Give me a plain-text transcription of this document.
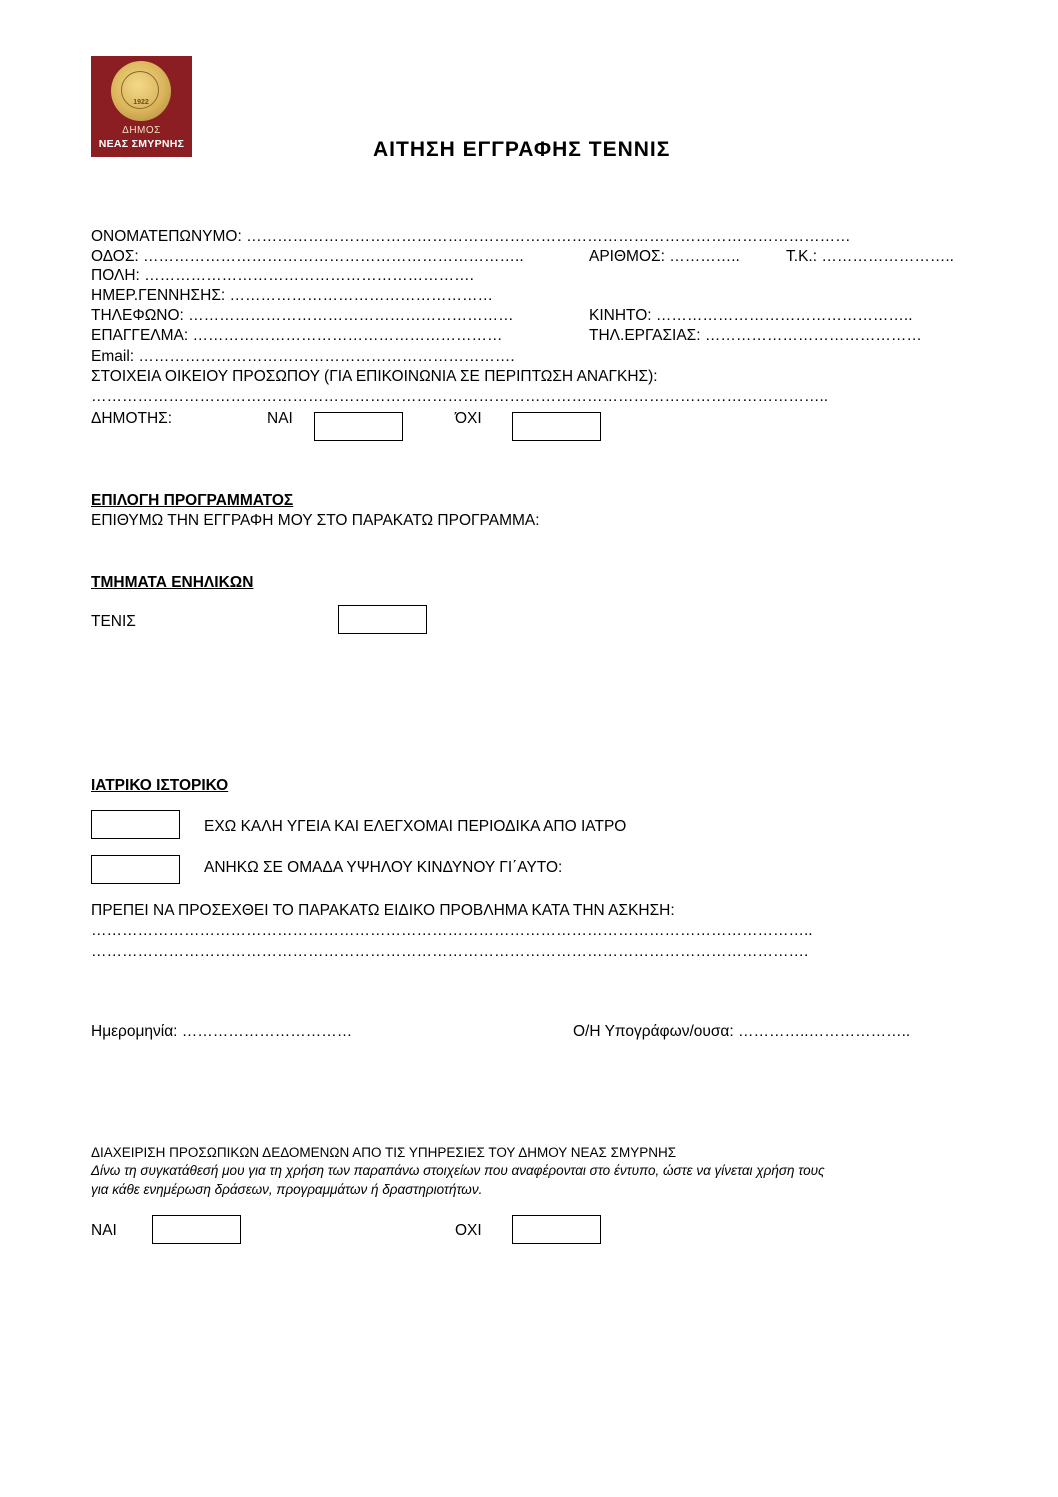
1922
ΔΗΜΟΣ
ΝΕΑΣ ΣΜΥΡΝΗΣ	ΑΙΤΗΣΗ ΕΓΓΡΑΦΗΣ ΤΕΝΝΙΣ
ΟΝΟΜΑΤΕΠΩΝΥΜΟ: ………………………………………………………………………………………………………
ΟΔΟΣ: ………………………………………………………………..	ΑΡΙΘΜΟΣ: …………..	Τ.Κ.: ……………………..
ΠΟΛΗ: ……………………………………………………….
ΗΜΕΡ.ΓΕΝΝΗΣΗΣ: ……………………………………………
ΤΗΛΕΦΩΝΟ: ………………………………………………………	ΚΙΝΗΤΟ: …………………………………………..
ΕΠΑΓΓΕΛΜΑ: ……………………………………………………	ΤΗΛ.ΕΡΓΑΣΙΑΣ: ……………………………………
Email: ……………………………………………………………….
ΣΤΟΙΧΕΙΑ ΟΙΚΕΙΟΥ ΠΡΟΣΩΠΟΥ (ΓΙΑ ΕΠΙΚΟΙΝΩΝΙΑ ΣΕ ΠΕΡΙΠΤΩΣΗ ΑΝΑΓΚΗΣ):
……………………………………………………………………………………………………………………………..
ΔΗΜΟΤΗΣ:	ΝΑΙ	ΌΧΙ
ΕΠΙΛΟΓΗ ΠΡΟΓΡΑΜΜΑΤΟΣ
ΕΠΙΘΥΜΩ ΤΗΝ ΕΓΓΡΑΦΗ ΜΟΥ ΣΤΟ ΠΑΡΑΚΑΤΩ ΠΡΟΓΡΑΜΜΑ:
ΤΜΗΜΑΤΑ ΕΝΗΛΙΚΩΝ
ΤΕΝΙΣ
ΙΑΤΡΙΚΟ ΙΣΤΟΡΙΚΟ
ΕΧΩ ΚΑΛΗ ΥΓΕΙΑ ΚΑΙ ΕΛΕΓΧΟΜΑΙ ΠΕΡΙΟΔΙΚΑ ΑΠΟ ΙΑΤΡΟ
ΑΝΗΚΩ ΣΕ ΟΜΑΔΑ ΥΨΗΛΟΥ ΚΙΝΔΥΝΟΥ ΓΙ΄ΑΥΤΟ:
ΠΡΕΠΕΙ ΝΑ ΠΡΟΣΕΧΘΕΙ ΤΟ ΠΑΡΑΚΑΤΩ ΕΙΔΙΚΟ ΠΡΟΒΛΗΜΑ ΚΑΤΑ ΤΗΝ ΑΣΚΗΣΗ:
…………………………………………………………………………………………………………………………..
………………………………………………………………………………………………………………………….
Ημερομηνία: ……………………………	Ο/Η Υπογράφων/ουσα: …………..………………..
ΔΙΑΧΕΙΡΙΣΗ ΠΡΟΣΩΠΙΚΩΝ ΔΕΔΟΜΕΝΩΝ ΑΠΟ ΤΙΣ ΥΠΗΡΕΣΙΕΣ ΤΟΥ ΔΗΜΟΥ ΝΕΑΣ ΣΜΥΡΝΗΣ
Δίνω τη συγκατάθεσή μου για τη χρήση των παραπάνω στοιχείων που αναφέρονται στο έντυπο, ώστε να γίνεται χρήση τους
για κάθε ενημέρωση δράσεων, προγραμμάτων ή δραστηριοτήτων.
ΝΑΙ	ΟΧΙ
